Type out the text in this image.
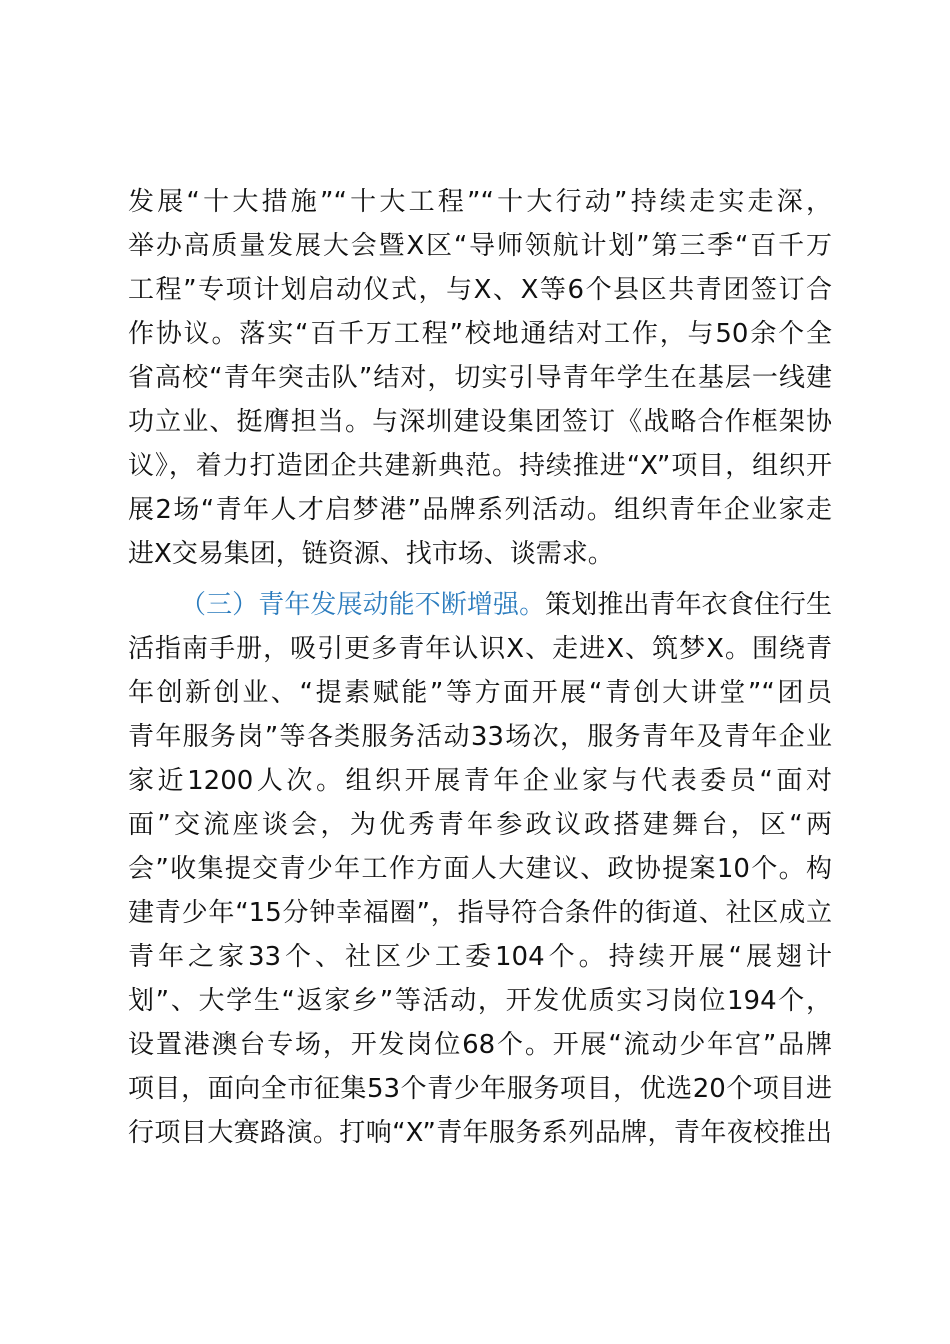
发展“十大措施”“十大工程”“十大行动”持续走实走深，
举办高质量发展大会暨X区“导师领航计划”第三季“百千万
工程”专项计划启动仪式，与X、X等6个县区共青团签订合
作协议。落实“百千万工程”校地通结对工作，与50余个全
省高校“青年突击队”结对，切实引导青年学生在基层一线建
功立业、挺膺担当。与深圳建设集团签订《战略合作框架协
议》，着力打造团企共建新典范。持续推进“X”项目，组织开
展2场“青年人才启梦港”品牌系列活动。组织青年企业家走
进X交易集团，链资源、找市场、谈需求。
（三）青年发展动能不断增强。策划推出青年衣食住行生
活指南手册，吸引更多青年认识X、走进X、筑梦X。围绕青
年创新创业、“提素赋能”等方面开展“青创大讲堂”“团员
青年服务岗”等各类服务活动33场次，服务青年及青年企业
家近1200人次。组织开展青年企业家与代表委员“面对
面”交流座谈会，为优秀青年参政议政搭建舞台，区“两
会”收集提交青少年工作方面人大建议、政协提案10个。构
建青少年“15分钟幸福圈”，指导符合条件的街道、社区成立
青年之家33个、社区少工委104个。持续开展“展翅计
划”、大学生“返家乡”等活动，开发优质实习岗位194个，
设置港澳台专场，开发岗位68个。开展“流动少年宫”品牌
项目，面向全市征集53个青少年服务项目，优选20个项目进
行项目大赛路演。打响“X”青年服务系列品牌，青年夜校推出
